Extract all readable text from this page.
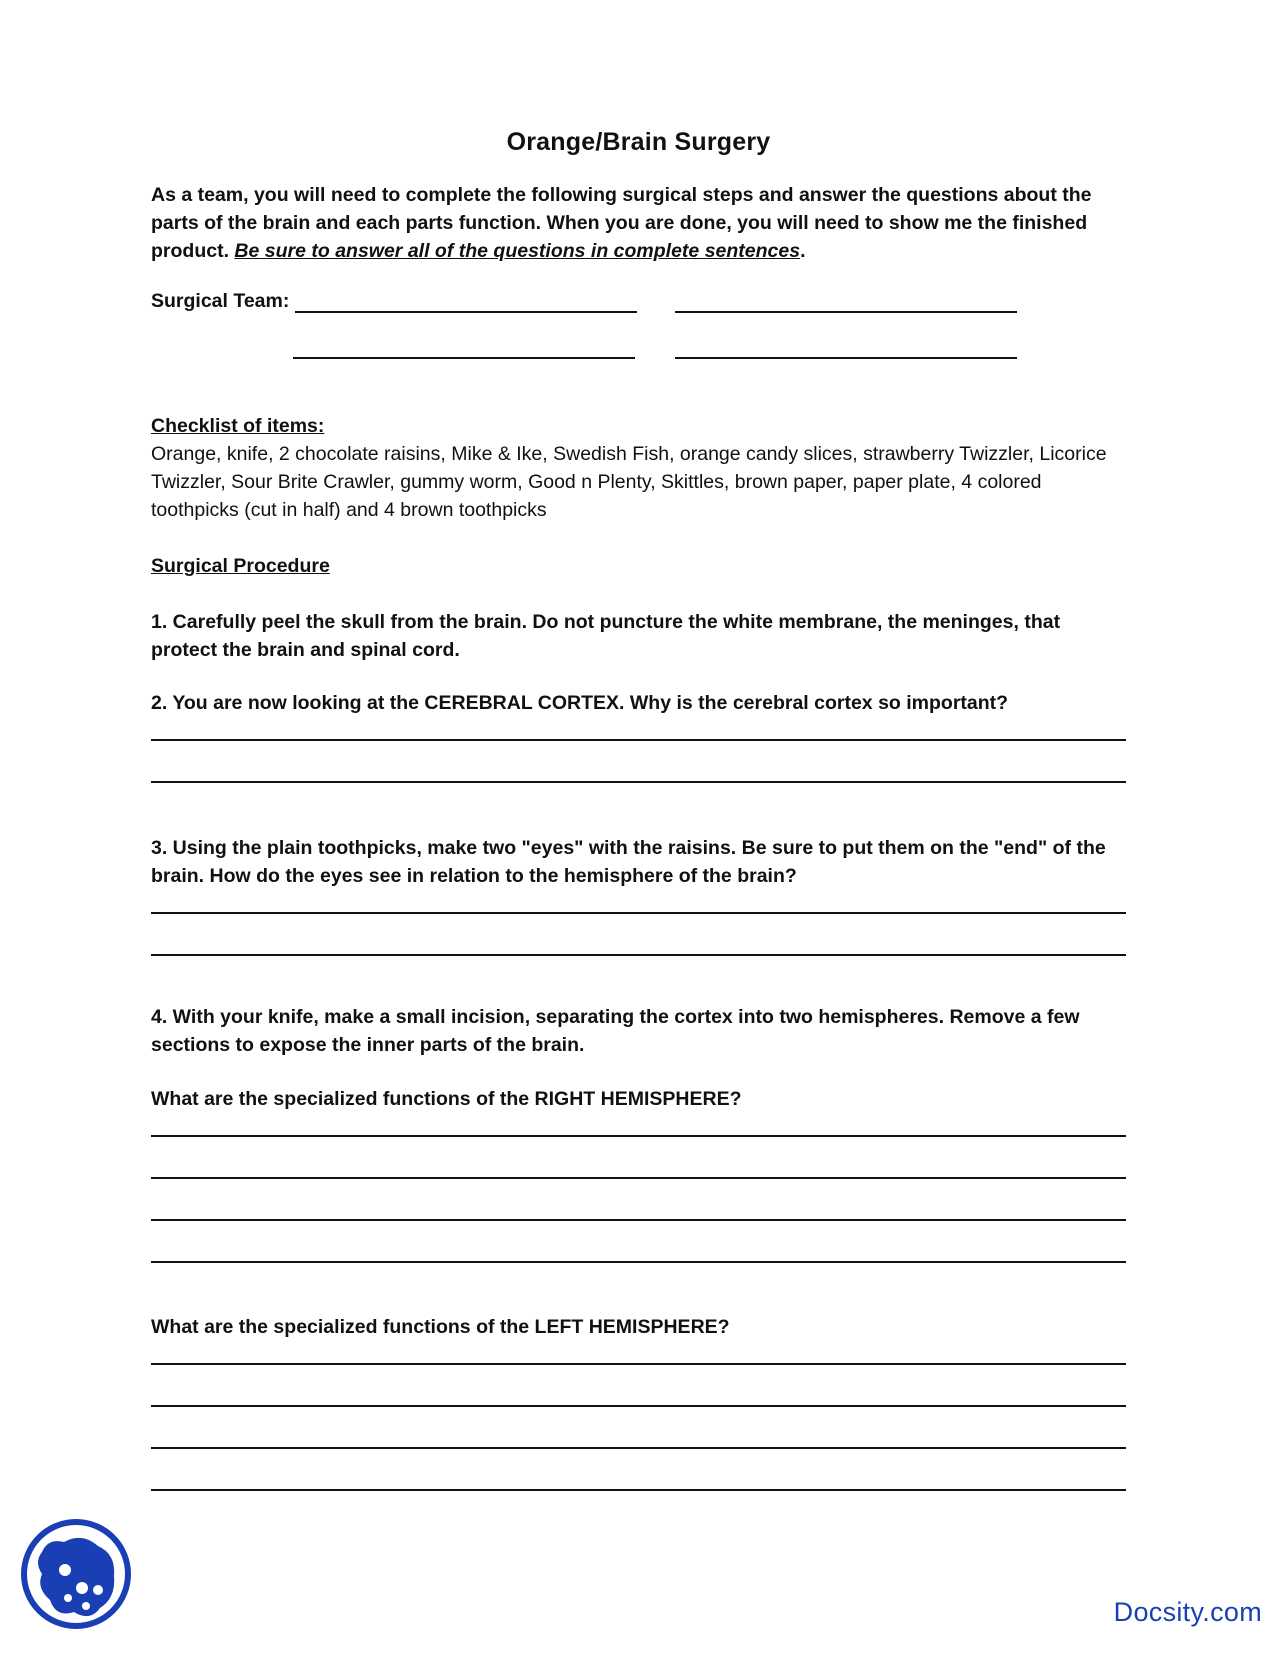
Orange/Brain Surgery

As a team, you will need to complete the following surgical steps and answer the questions about the parts of the brain and each parts function. When you are done, you will need to show me the finished product. Be sure to answer all of the questions in complete sentences.

Surgical Team:

Checklist of items:

Orange, knife, 2 chocolate raisins, Mike & Ike, Swedish Fish, orange candy slices, strawberry Twizzler, Licorice Twizzler, Sour Brite Crawler, gummy worm, Good n Plenty, Skittles, brown paper, paper plate, 4 colored toothpicks (cut in half) and 4 brown toothpicks

Surgical Procedure

1. Carefully peel the skull from the brain. Do not puncture the white membrane, the meninges, that protect the brain and spinal cord.

2. You are now looking at the CEREBRAL CORTEX. Why is the cerebral cortex so important?

3. Using the plain toothpicks, make two "eyes" with the raisins. Be sure to put them on the "end" of the brain. How do the eyes see in relation to the hemisphere of the brain?

4. With your knife, make a small incision, separating the cortex into two hemispheres. Remove a few sections to expose the inner parts of the brain.

What are the specialized functions of the RIGHT HEMISPHERE?

What are the specialized functions of the LEFT HEMISPHERE?

Docsity.com
